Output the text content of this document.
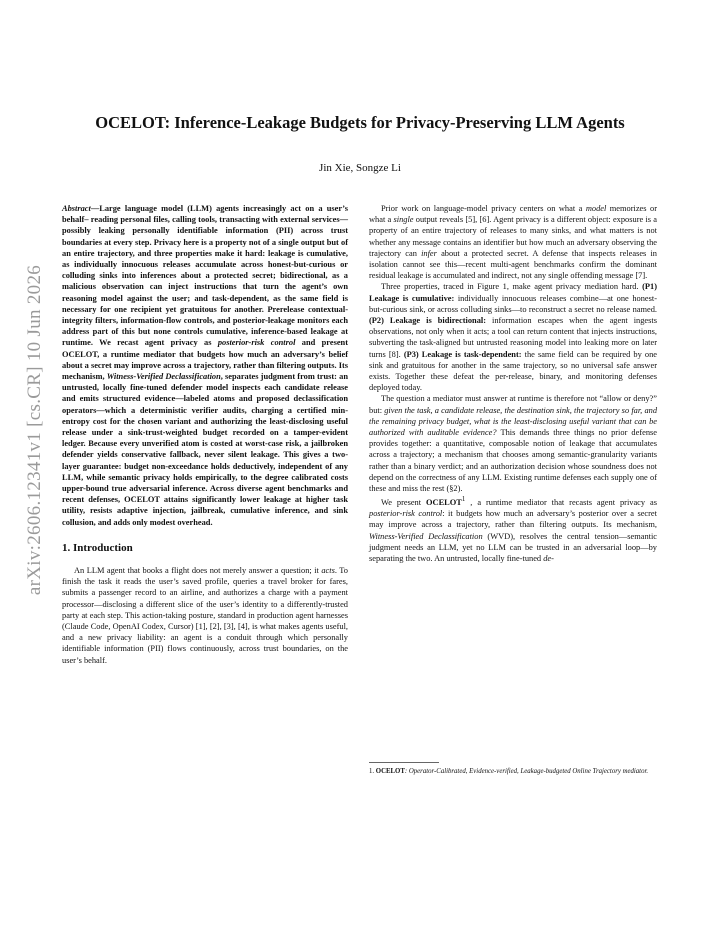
arXiv:2606.12341v1 [cs.CR] 10 Jun 2026
OCELOT: Inference-Leakage Budgets for Privacy-Preserving LLM Agents
Jin Xie, Songze Li

Abstract—Large language model (LLM) agents increasingly act on a user’s behalf– reading personal files, calling tools, transacting with external services—possibly leaking personally identifiable information (PII) across trust boundaries at every step. Privacy here is a property not of a single output but of an entire trajectory, and three properties make it hard: leakage is cumulative, as individually innocuous releases accumulate across honest-but-curious or colluding sinks into inferences about a protected secret; bidirectional, as a malicious observation can inject instructions that turn the agent’s own reasoning model against the user; and task-dependent, as the same field is necessary for one recipient yet gratuitous for another. Prerelease contextual-integrity filters, information-flow controls, and posterior-leakage monitors each address part of this but none controls cumulative, inference-based leakage at runtime. We recast agent privacy as posterior-risk control and present OCELOT, a runtime mediator that budgets how much an adversary’s belief about a secret may improve across a trajectory, rather than filtering outputs. Its mechanism, Witness-Verified Declassification, separates judgment from trust: an untrusted, locally fine-tuned defender model inspects each candidate release and emits structured evidence—labeled atoms and proposed declassification operators—which a deterministic verifier audits, charging a certified min-entropy cost for the chosen variant and authorizing the least-disclosing useful release under a sink-trust-weighted budget recorded on a tamper-evident ledger. Because every unverified atom is costed at worst-case risk, a jailbroken defender yields conservative fallback, never silent leakage. This gives a two-layer guarantee: budget non-exceedance holds deductively, independent of any LLM, while semantic privacy holds empirically, to the degree calibrated costs upper-bound true adversarial inference. Across diverse agent benchmarks and recent defenses, OCELOT attains significantly lower leakage at higher task utility, resists adaptive injection, jailbreak, cumulative inference, and sink collusion, and adds only modest overhead.

1. Introduction

An LLM agent that books a flight does not merely answer a question; it acts. To finish the task it reads the user’s saved profile, queries a travel broker for fares, submits a passenger record to an airline, and authorizes a charge with a payment processor—disclosing a different slice of the user’s identity to a differently-trusted party at each step. This action-taking posture, standard in production agent harnesses (Claude Code, OpenAI Codex, Cursor) [1], [2], [3], [4], is what makes agents useful, and a new privacy liability: an agent is a conduit through which personally identifiable information (PII) flows continuously, across trust boundaries, on the user’s behalf.

Prior work on language-model privacy centers on what a model memorizes or what a single output reveals [5], [6]. Agent privacy is a different object: exposure is a property of an entire trajectory of releases to many sinks, and what matters is not whether any message contains an identifier but how much an adversary observing the trajectory can infer about a protected secret. A defense that inspects releases in isolation cannot see this—recent multi-agent benchmarks confirm the dominant residual leakage is accumulated and indirect, not any single offending message [7].

Three properties, traced in Figure 1, make agent privacy mediation hard. (P1) Leakage is cumulative: individually innocuous releases combine—at one honest-but-curious sink, or across colluding sinks—to reconstruct a secret no release named. (P2) Leakage is bidirectional: information escapes when the agent ingests observations, not only when it acts; a tool can return content that injects instructions, subverting the task-aligned but untrusted reasoning model into leaking more on later turns [8]. (P3) Leakage is task-dependent: the same field can be required by one sink and gratuitous for another in the same trajectory, so no universal safe answer exists. Together these defeat the per-release, binary, and monitoring defenses deployed today.

The question a mediator must answer at runtime is therefore not “allow or deny?” but: given the task, a candidate release, the destination sink, the trajectory so far, and the remaining privacy budget, what is the least-disclosing useful variant that can be authorized with auditable evidence? This demands three things no prior defense provides together: a quantitative, composable notion of leakage that accumulates across a trajectory; a mechanism that chooses among semantic-granularity variants rather than a binary verdict; and an authorization decision whose soundness does not depend on the correctness of any LLM. Existing runtime defenses each supply one of these and miss the rest (§2).

We present OCELOT$^1$ , a runtime mediator that recasts agent privacy as posterior-risk control: it budgets how much an adversary’s posterior over a secret may improve across a trajectory, rather than filtering outputs. Its mechanism, Witness-Verified Declassification (WVD), resolves the central tension—semantic judgment needs an LLM, yet no LLM can be trusted in an adversarial loop—by separating the two. An untrusted, locally fine-tuned de-

1. OCELOT: Operator-Calibrated, Evidence-verified, Leakage-budgeted Online Trajectory mediator.
